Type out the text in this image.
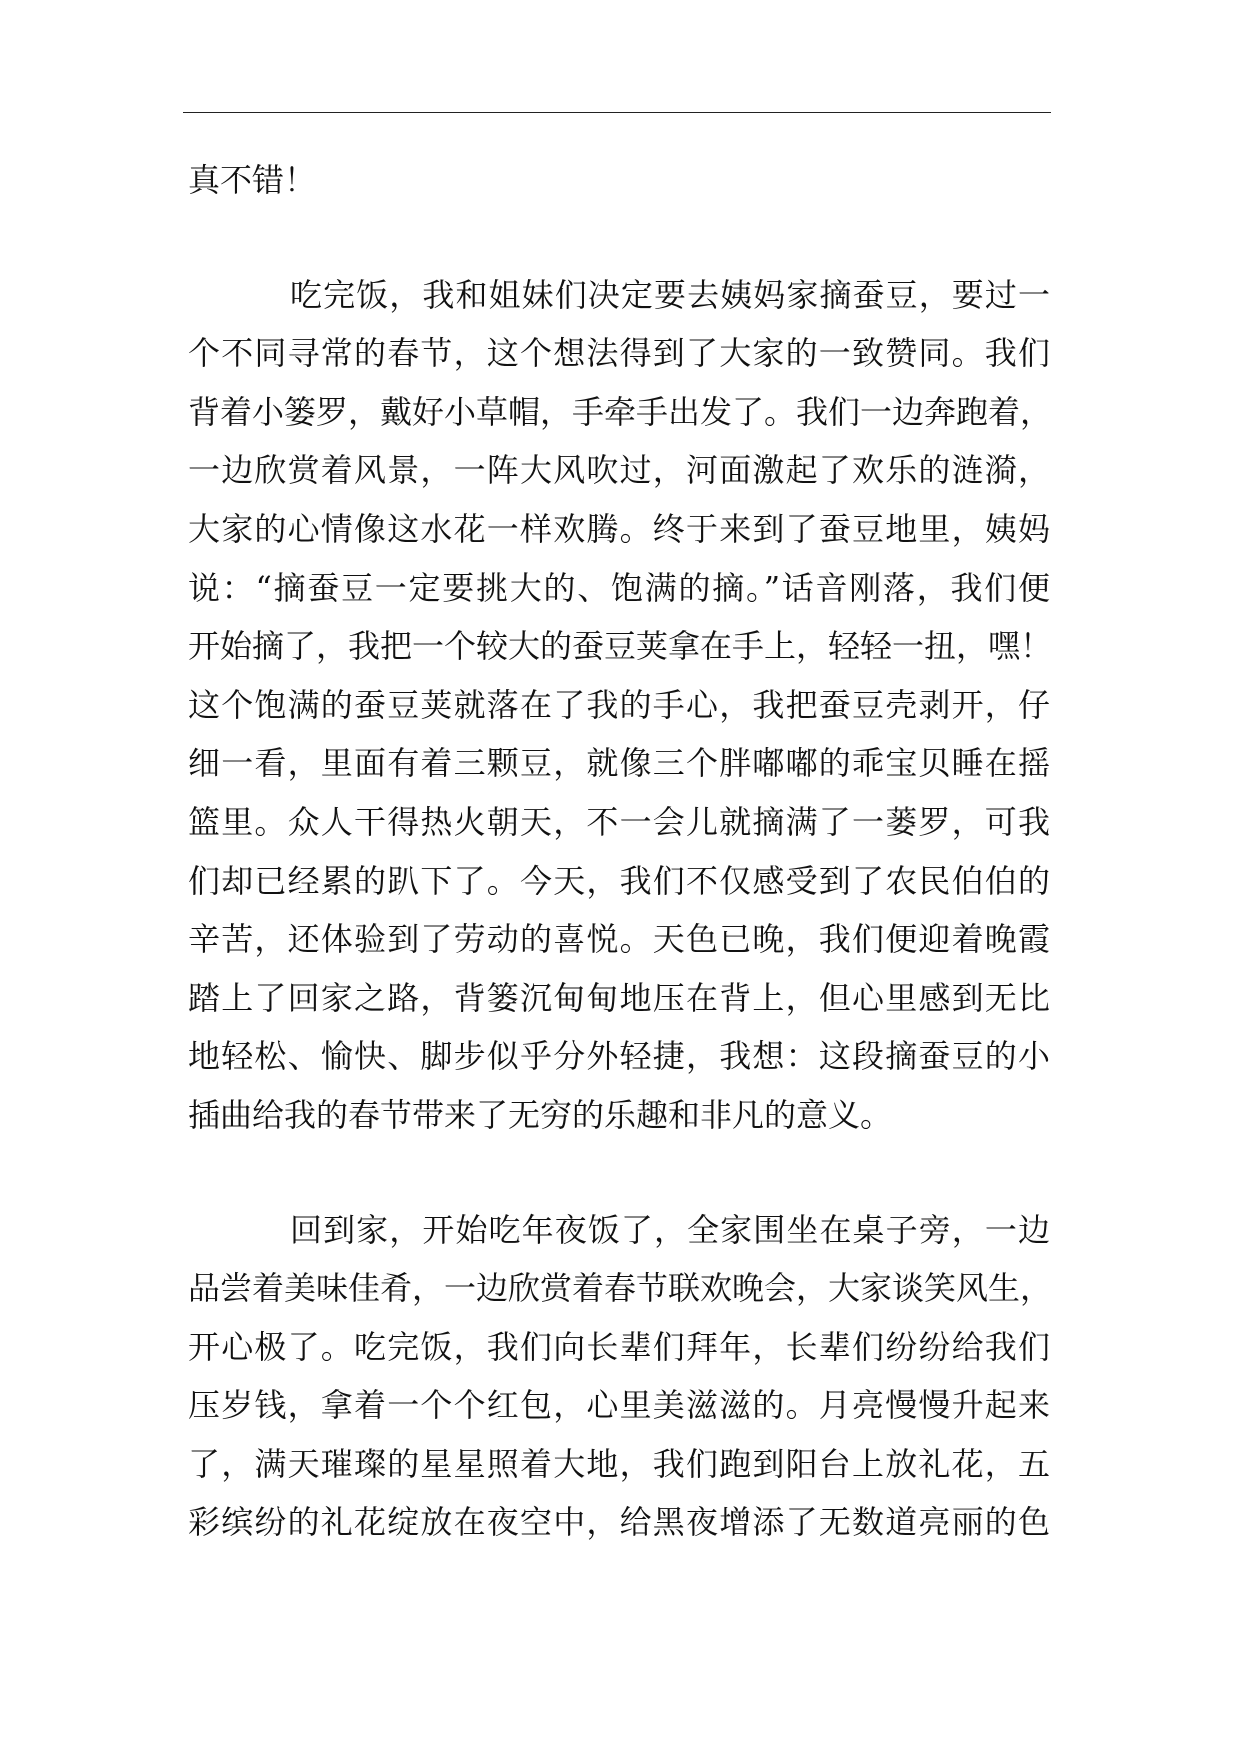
真不错！
吃完饭，我和姐妹们决定要去姨妈家摘蚕豆，要过一
个不同寻常的春节，这个想法得到了大家的一致赞同。我们
背着小篓罗，戴好小草帽，手牵手出发了。我们一边奔跑着，
一边欣赏着风景，一阵大风吹过，河面激起了欢乐的涟漪，
大家的心情像这水花一样欢腾。终于来到了蚕豆地里，姨妈
说：“摘蚕豆一定要挑大的、饱满的摘。”话音刚落，我们便
开始摘了，我把一个较大的蚕豆荚拿在手上，轻轻一扭，嘿！
这个饱满的蚕豆荚就落在了我的手心，我把蚕豆壳剥开，仔
细一看，里面有着三颗豆，就像三个胖嘟嘟的乖宝贝睡在摇
篮里。众人干得热火朝天，不一会儿就摘满了一蒌罗，可我
们却已经累的趴下了。今天，我们不仅感受到了农民伯伯的
辛苦，还体验到了劳动的喜悦。天色已晚，我们便迎着晚霞
踏上了回家之路，背篓沉甸甸地压在背上，但心里感到无比
地轻松、愉快、脚步似乎分外轻捷，我想：这段摘蚕豆的小
插曲给我的春节带来了无穷的乐趣和非凡的意义。
回到家，开始吃年夜饭了，全家围坐在桌子旁，一边
品尝着美味佳肴，一边欣赏着春节联欢晚会，大家谈笑风生，
开心极了。吃完饭，我们向长辈们拜年，长辈们纷纷给我们
压岁钱，拿着一个个红包，心里美滋滋的。月亮慢慢升起来
了，满天璀璨的星星照着大地，我们跑到阳台上放礼花，五
彩缤纷的礼花绽放在夜空中，给黑夜增添了无数道亮丽的色
